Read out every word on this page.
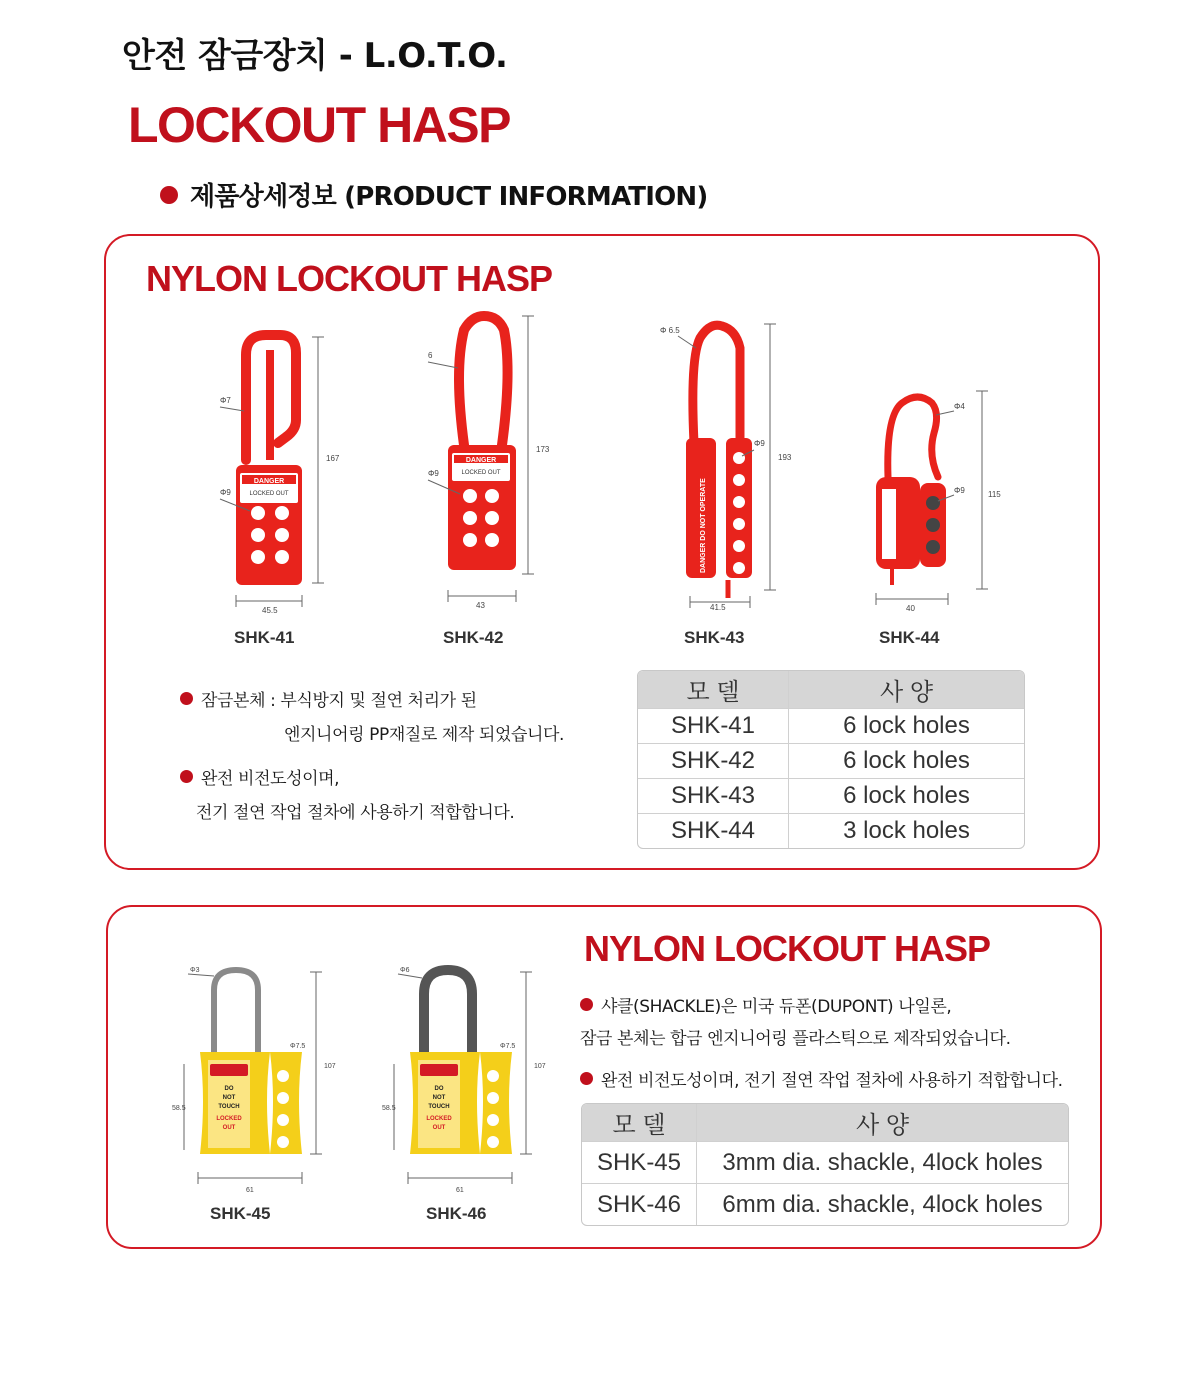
안전 잠금장치 - L.O.T.O.
LOCKOUT HASP
제품상세정보 (PRODUCT INFORMATION)
NYLON LOCKOUT HASP
DANGER
LOCKED OUT
167
Φ7
Φ9
45.5
SHK-41
DANGER
LOCKED OUT
173
6
Φ9
43
SHK-42
DANGER DO NOT OPERATE
193
Φ 6.5
Φ9
41.5
SHK-43
115
Φ4
Φ9
40
SHK-44
잠금본체 : 부식방지 및 절연 처리가 된
엔지니어링 PP재질로 제작 되었습니다.
완전 비전도성이며,
전기 절연 작업 절차에 사용하기 적합합니다.
모 델	사 양
SHK-41	6 lock holes
SHK-42	6 lock holes
SHK-43	6 lock holes
SHK-44	3 lock holes
NYLON LOCKOUT HASP
DO
NOT
TOUCH
LOCKED
OUT
107
58.5
Φ3
Φ7.5
61
SHK-45
DO
NOT
TOUCH
LOCKED
OUT
107
58.5
Φ6
Φ7.5
61
SHK-46
샤클(SHACKLE)은 미국 듀폰(DUPONT) 나일론,
잠금 본체는 합금 엔지니어링 플라스틱으로 제작되었습니다.
완전 비전도성이며, 전기 절연 작업 절차에 사용하기 적합합니다.
모 델	사 양
SHK-45	3mm dia. shackle, 4lock holes
SHK-46	6mm dia. shackle, 4lock holes
